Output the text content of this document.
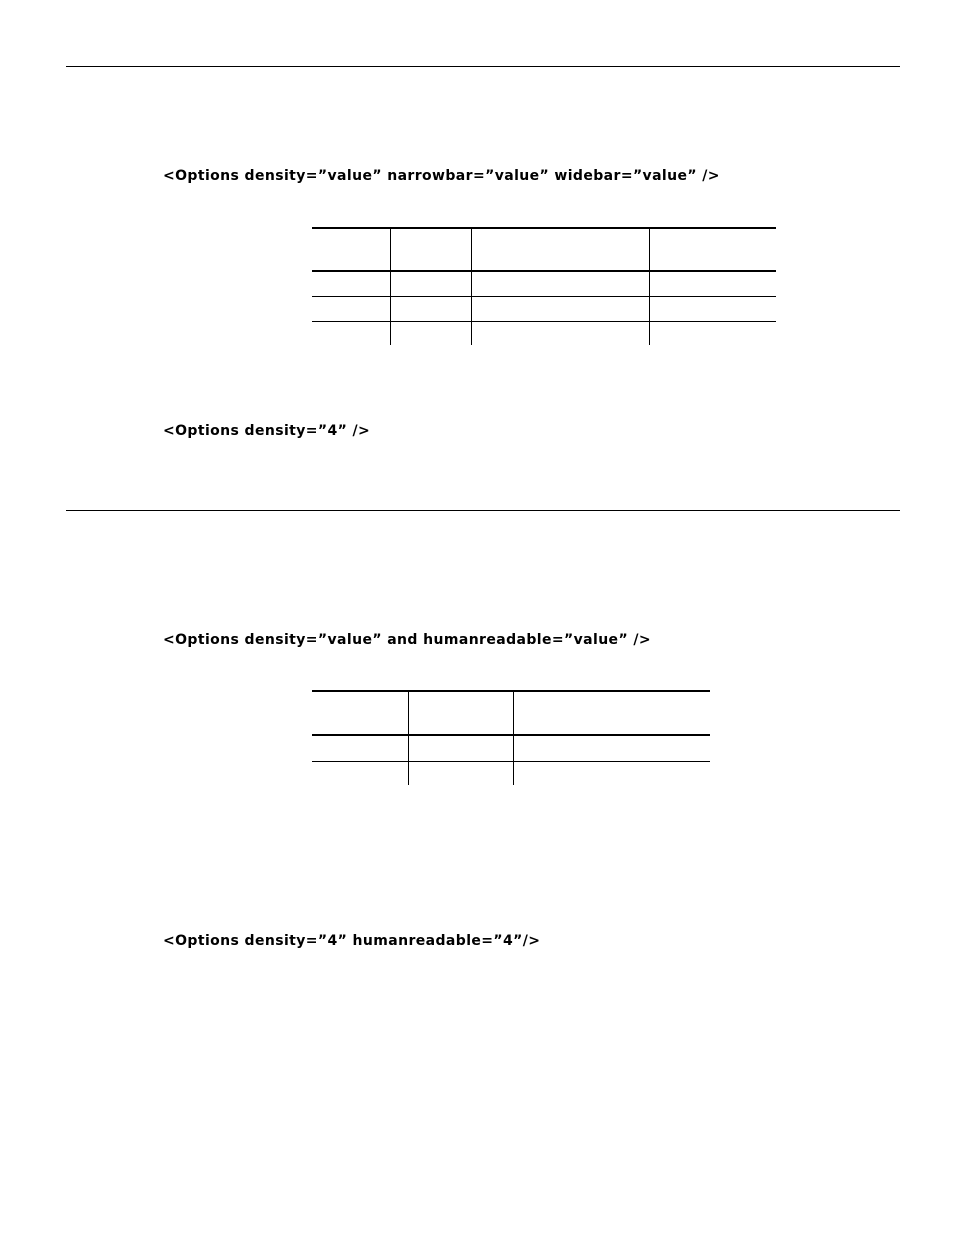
<Options density=”value” narrowbar=”value” widebar=”value” />

<Options density=”4” />
<Options density=”value” and humanreadable=”value” />

<Options density=”4” humanreadable=”4”/>
